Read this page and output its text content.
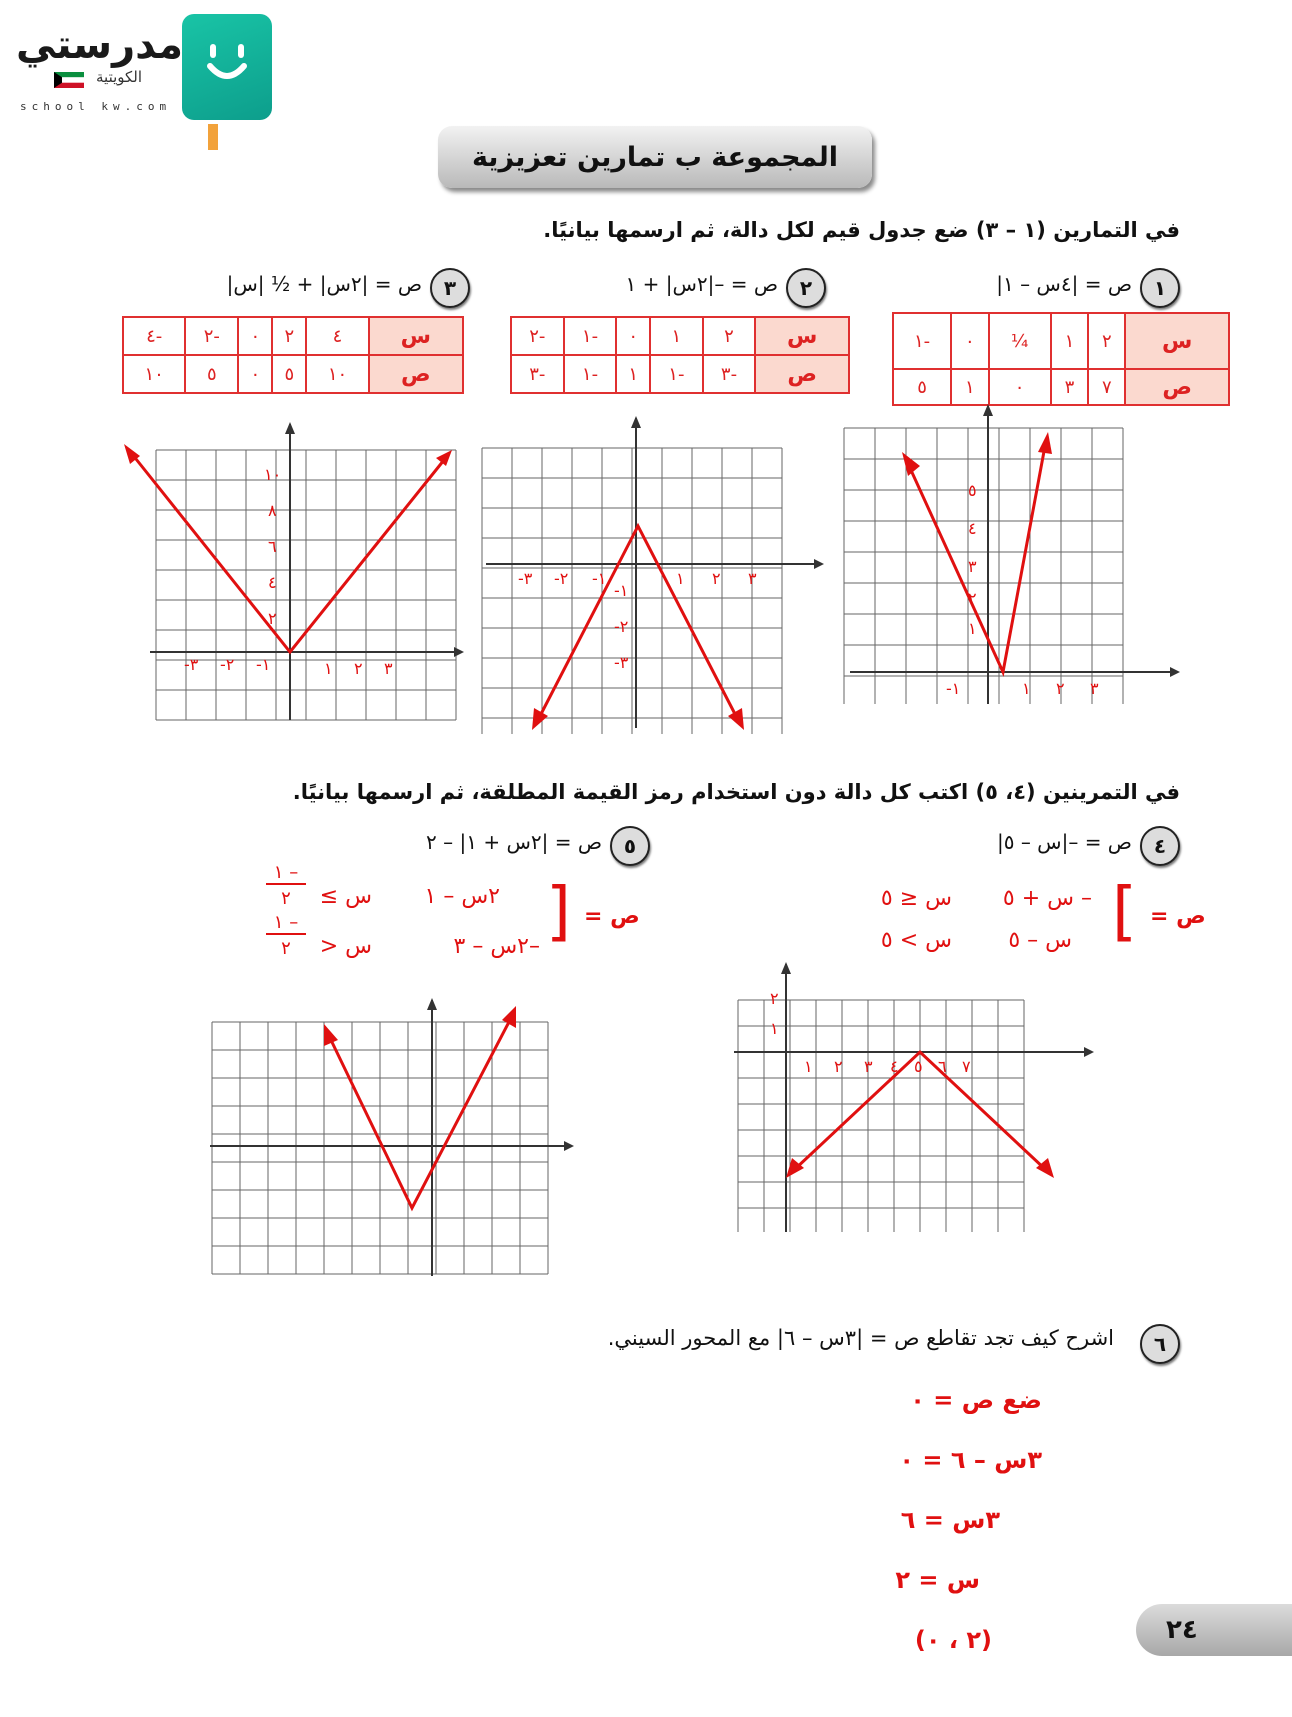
مدرستي
الكويتية
school kw.com
المجموعة ب تمارين تعزيزية
في التمارين (١ – ٣) ضع جدول قيم لكل دالة، ثم ارسمها بيانيًا.
١
ص = |٤س – ١|
٢
ص = –|٢س| + ١
٣
ص = |٢س| + ½ |س|
س	٢	١	¼	٠	-١
ص	٧	٣	٠	١	٥
س	٢	١	٠	-١	-٢
ص	-٣	-١	١	-١	-٣
س	٤	٢	٠	-٢	-٤
ص	١٠	٥	٠	٥	١٠
١ ٢ ٣
-١
٥
٤
٣
٢
١
١ ٢ ٣
-١
-٢
-٣
-١
-٢
-٣
١ ٢ ٣
-١
-٢
-٣
١٠
٨
٦
٤
٢
في التمرينين (٤، ٥) اكتب كل دالة دون استخدام رمز القيمة المطلقة، ثم ارسمها بيانيًا.
٤
ص = –|س – ٥|
٥
ص = |٢س + ١| – ٢
ص =
[
– س + ٥
س ≤ ٥
س – ٥
س > ٥
ص =
]
٢س – ١
س ≥
١ –
٢
–٢س – ٣
س <
١ –
٢
١ ٢ ٣ ٤ ٥ ٦ ٧
٢
١
٦
اشرح كيف تجد تقاطع ص = |٣س – ٦| مع المحور السيني.
ضع ص = ٠
٣س – ٦ = ٠
٣س = ٦
س = ٢
(٢ ، ٠)	٢٤
